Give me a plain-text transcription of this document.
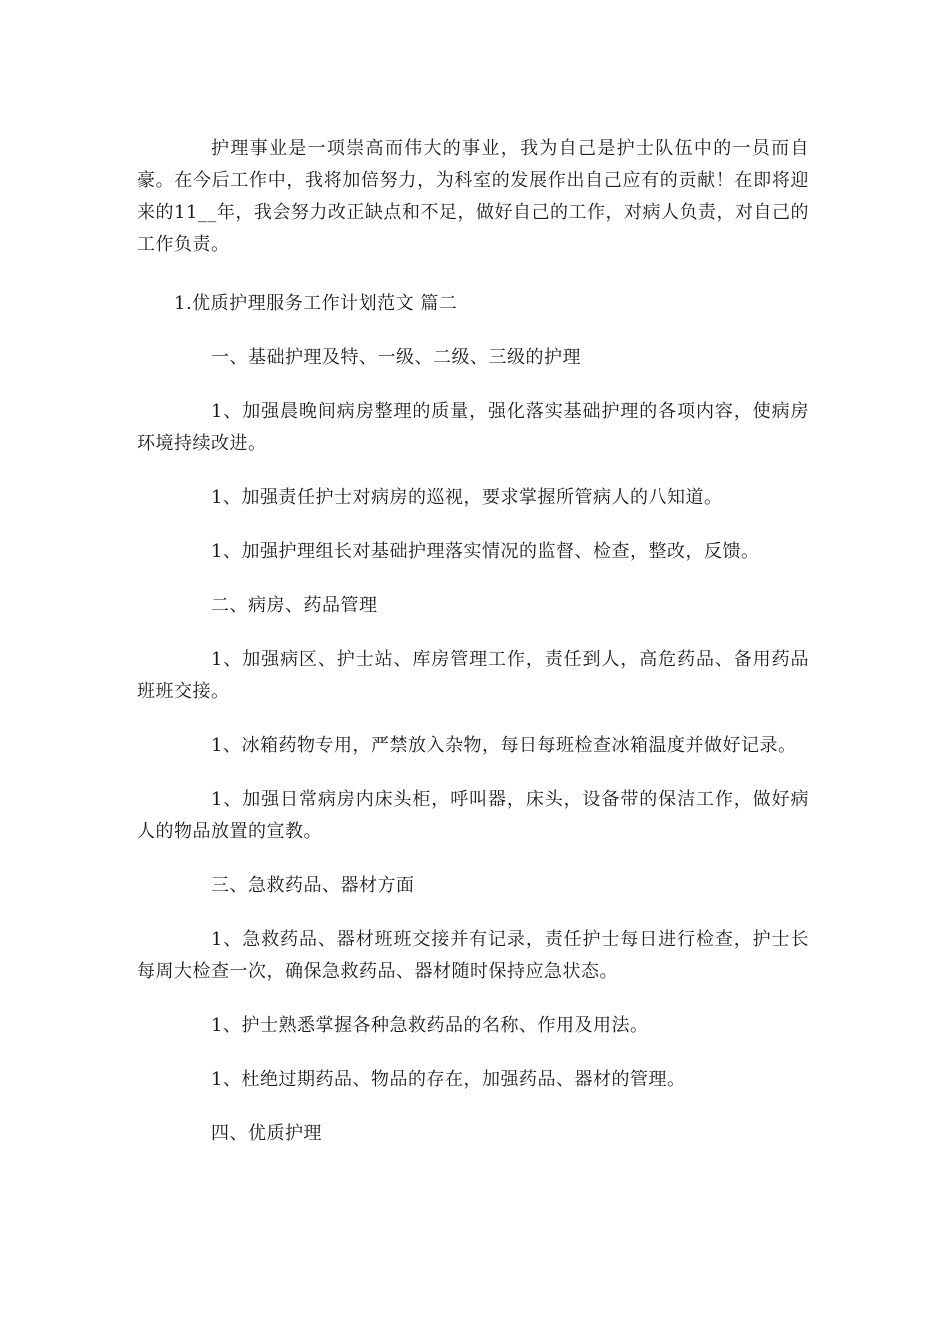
护理事业是一项崇高而伟大的事业，我为自己是护士队伍中的一员而自豪。在今后工作中，我将加倍努力，为科室的发展作出自己应有的贡献！在即将迎来的11__年，我会努力改正缺点和不足，做好自己的工作，对病人负责，对自己的工作负责。

1.优质护理服务工作计划范文 篇二

一、基础护理及特、一级、二级、三级的护理

1、加强晨晚间病房整理的质量，强化落实基础护理的各项内容，使病房环境持续改进。

1、加强责任护士对病房的巡视，要求掌握所管病人的八知道。

1、加强护理组长对基础护理落实情况的监督、检查，整改，反馈。

二、病房、药品管理

1、加强病区、护士站、库房管理工作，责任到人，高危药品、备用药品班班交接。

1、冰箱药物专用，严禁放入杂物，每日每班检查冰箱温度并做好记录。

1、加强日常病房内床头柜，呼叫器，床头，设备带的保洁工作，做好病人的物品放置的宣教。

三、急救药品、器材方面

1、急救药品、器材班班交接并有记录，责任护士每日进行检查，护士长每周大检查一次，确保急救药品、器材随时保持应急状态。

1、护士熟悉掌握各种急救药品的名称、作用及用法。

1、杜绝过期药品、物品的存在，加强药品、器材的管理。

四、优质护理
